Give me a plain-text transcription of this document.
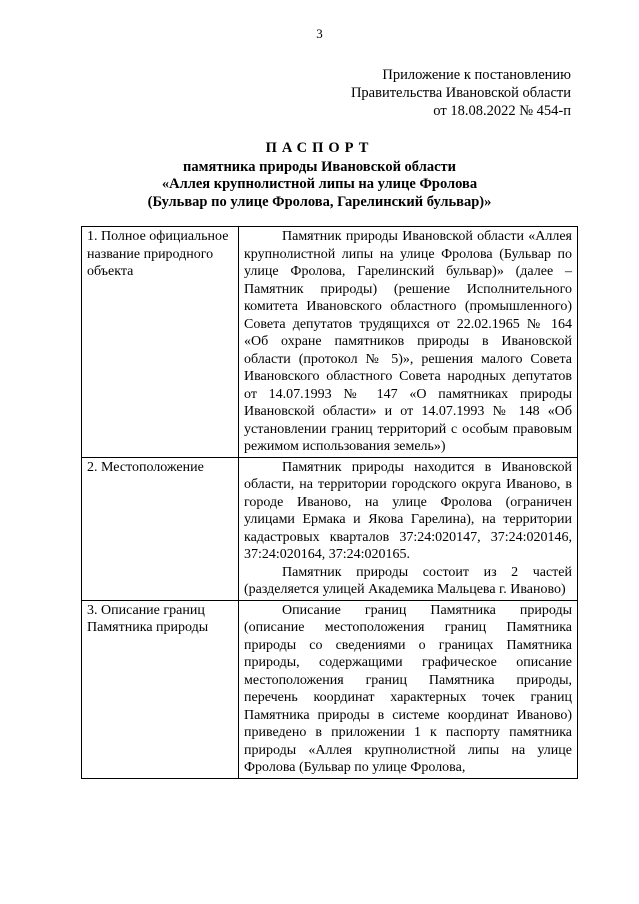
3
Приложение к постановлению
Правительства Ивановской области
от 18.08.2022 № 454-п
ПАСПОРТ
памятника природы Ивановской области
«Аллея крупнолистной липы на улице Фролова
(Бульвар по улице Фролова, Гарелинский бульвар)»
1. Полное официальное название природного объекта	Памятник природы Ивановской области «Аллея крупнолистной липы на улице Фролова (Бульвар по улице Фролова, Гарелинский бульвар)» (далее – Памятник природы) (решение Исполнительного комитета Ивановского областного (промышленного) Совета депутатов трудящихся от 22.02.1965 № 164 «Об охране памятников природы в Ивановской области (протокол № 5)», решения малого Совета Ивановского областного Совета народных депутатов от 14.07.1993 № 147 «О памятниках природы Ивановской области» и от 14.07.1993 № 148 «Об установлении границ территорий с особым правовым режимом использования земель»)

2. Местоположение	Памятник природы находится в Ивановской области, на территории городского округа Иваново, в городе Иваново, на улице Фролова (ограничен улицами Ермака и Якова Гарелина), на территории кадастровых кварталов 37:24:020147, 37:24:020146, 37:24:020164, 37:24:020165.
Памятник природы состоит из 2 частей (разделяется улицей Академика Мальцева г. Иваново)

3. Описание границ Памятника природы	Описание границ Памятника природы (описание местоположения границ Памятника природы со сведениями о границах Памятника природы, содержащими графическое описание местоположения границ Памятника природы, перечень координат характерных точек границ Памятника природы в системе координат Иваново) приведено в приложении 1 к паспорту памятника природы «Аллея крупнолистной липы на улице Фролова (Бульвар по улице Фролова,
